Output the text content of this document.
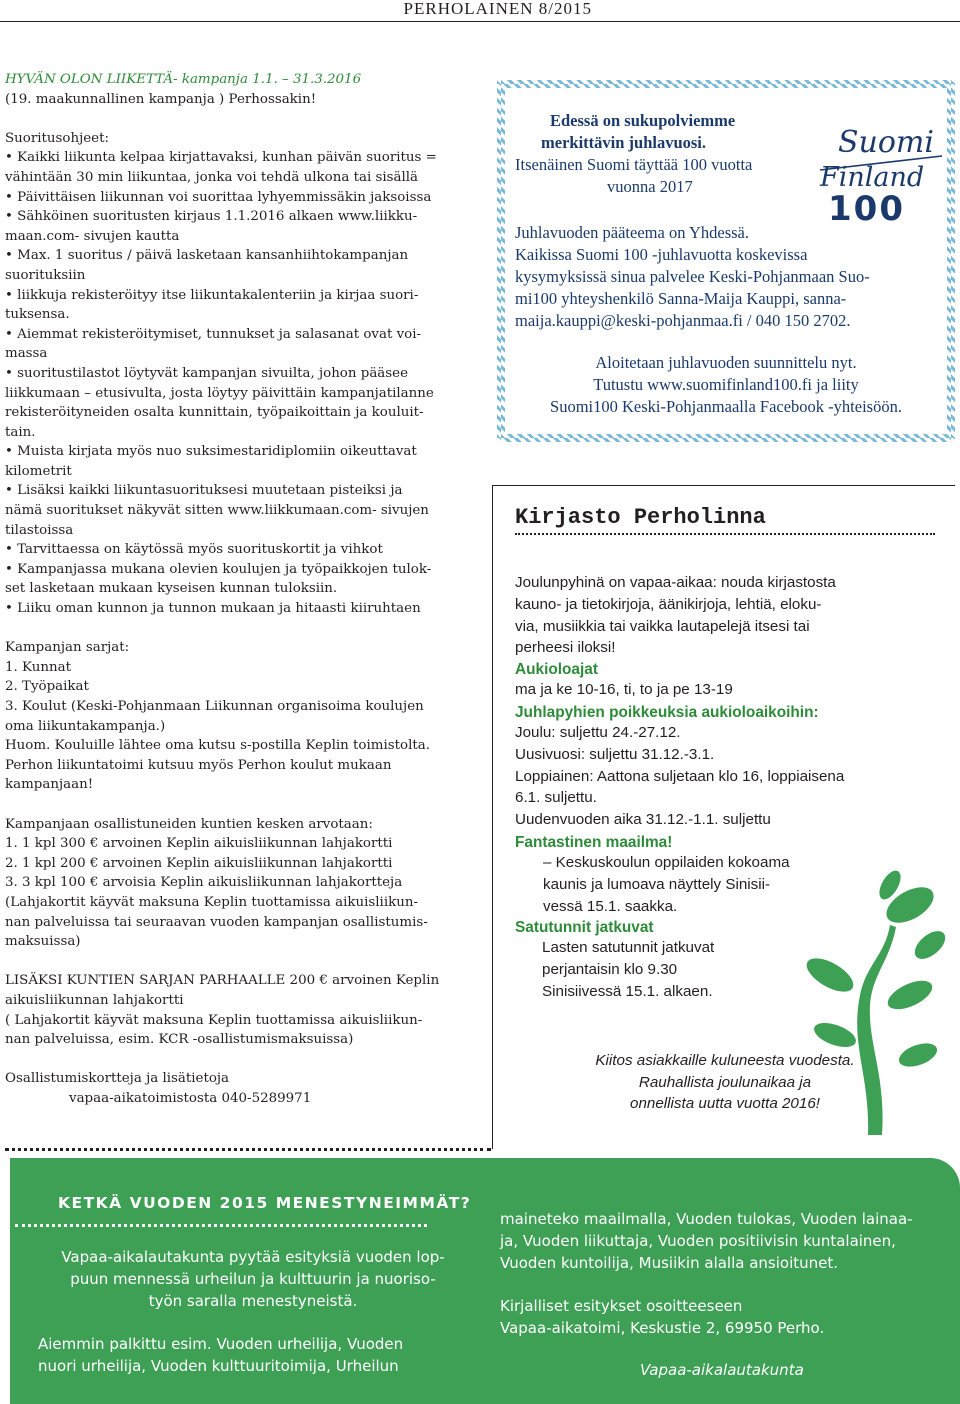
PERHOLAINEN 8/2015

HYVÄN OLON LIIKETTÄ- kampanja 1.1. – 31.3.2016

(19. maakunnallinen kampanja ) Perhossakin!

Suoritusohjeet:
• Kaikki liikunta kelpaa kirjattavaksi, kunhan päivän suoritus =
vähintään 30 min liikuntaa, jonka voi tehdä ulkona tai sisällä
• Päivittäisen liikunnan voi suorittaa lyhyemmissäkin jaksoissa
• Sähköinen suoritusten kirjaus 1.1.2016 alkaen www.liikku-
maan.com- sivujen kautta
• Max. 1 suoritus / päivä lasketaan kansanhiihtokampanjan
suorituksiin
• liikkuja rekisteröityy itse liikuntakalenteriin ja kirjaa suori-
tuksensa.
• Aiemmat rekisteröitymiset, tunnukset ja salasanat ovat voi-
massa
• suoritustilastot löytyvät kampanjan sivuilta, johon pääsee
liikkumaan – etusivulta, josta löytyy päivittäin kampanjatilanne
rekisteröityneiden osalta kunnittain, työpaikoittain ja kouluit-
tain.
• Muista kirjata myös nuo suksimestaridiplomiin oikeuttavat
kilometrit
• Lisäksi kaikki liikuntasuorituksesi muutetaan pisteiksi ja
nämä suoritukset näkyvät sitten www.liikkumaan.com- sivujen
tilastoissa
• Tarvittaessa on käytössä myös suorituskortit ja vihkot
• Kampanjassa mukana olevien koulujen ja työpaikkojen tulok-
set lasketaan mukaan kyseisen kunnan tuloksiin.
• Liiku oman kunnon ja tunnon mukaan ja hitaasti kiiruhtaen
Kampanjan sarjat:
1. Kunnat
2. Työpaikat
3. Koulut (Keski-Pohjanmaan Liikunnan organisoima koulujen
oma liikuntakampanja.)
Huom. Kouluille lähtee oma kutsu s-postilla Keplin toimistolta.
Perhon liikuntatoimi kutsuu myös Perhon koulut mukaan
kampanjaan!
Kampanjaan osallistuneiden kuntien kesken arvotaan:
1. 1 kpl 300 € arvoinen Keplin aikuisliikunnan lahjakortti
2. 1 kpl 200 € arvoinen Keplin aikuisliikunnan lahjakortti
3. 3 kpl 100 € arvoisia Keplin aikuisliikunnan lahjakortteja
(Lahjakortit käyvät maksuna Keplin tuottamissa aikuisliikun-
nan palveluissa tai seuraavan vuoden kampanjan osallistumis-
maksuissa)
LISÄKSI KUNTIEN SARJAN PARHAALLE 200 € arvoinen Keplin
aikuisliikunnan lahjakortti
( Lahjakortit käyvät maksuna Keplin tuottamissa aikuisliikun-
nan palveluissa, esim. KCR -osallistumismaksuissa)

Osallistumiskortteja ja lisätietoja

vapaa-aikatoimistosta 040-5289971

Edessä on sukupolviemme
merkittävin juhlavuosi.
Itsenäinen Suomi täyttää 100 vuotta
vuonna 2017
Suomi
Finland
100
Juhlavuoden pääteema on Yhdessä.
Kaikissa Suomi 100 -juhlavuotta koskevissa
kysymyksissä sinua palvelee Keski-Pohjanmaan Suo-
mi100 yhteyshenkilö Sanna-Maija Kauppi, sanna-
maija.kauppi@keski-pohjanmaa.fi / 040 150 2702.
Aloitetaan juhlavuoden suunnittelu nyt.
Tutustu www.suomifinland100.fi ja liity
Suomi100 Keski-Pohjanmaalla Facebook -yhteisöön.
Kirjasto Perholinna
Joulunpyhinä on vapaa-aikaa: nouda kirjastosta
kauno- ja tietokirjoja, äänikirjoja, lehtiä, eloku-
via, musiikkia tai vaikka lautapelejä itsesi tai
perheesi iloksi!
Aukioloajat
ma ja ke 10-16, ti, to ja pe 13-19
Juhlapyhien poikkeuksia aukioloaikoihin:
Joulu: suljettu 24.-27.12.
Uusivuosi: suljettu 31.12.-3.1.
Loppiainen: Aattona suljetaan klo 16, loppiaisena
6.1. suljettu.
Uudenvuoden aika 31.12.-1.1. suljettu
Fantastinen maailma!
– Keskuskoulun oppilaiden kokoama
kaunis ja lumoava näyttely Sinisii-
vessä 15.1. saakka.
Satutunnit jatkuvat
Lasten satutunnit jatkuvat
perjantaisin klo 9.30
Sinisiivessä 15.1. alkaen.
Kiitos asiakkaille kuluneesta vuodesta.
Rauhallista joulunaikaa ja
onnellista uutta vuotta 2016!
KETKÄ VUODEN 2015 MENESTYNEIMMÄT?
Vapaa-aikalautakunta pyytää esityksiä vuoden lop-
puun mennessä urheilun ja kulttuurin ja nuoriso-
työn saralla menestyneistä.
Aiemmin palkittu esim. Vuoden urheilija, Vuoden
nuori urheilija, Vuoden kulttuuritoimija, Urheilun
maineteko maailmalla, Vuoden tulokas, Vuoden lainaa-
ja, Vuoden liikuttaja, Vuoden positiivisin kuntalainen,
Vuoden kuntoilija, Musiikin alalla ansioitunet.
Kirjalliset esitykset osoitteeseen
Vapaa-aikatoimi, Keskustie 2, 69950 Perho.
Vapaa-aikalautakunta
